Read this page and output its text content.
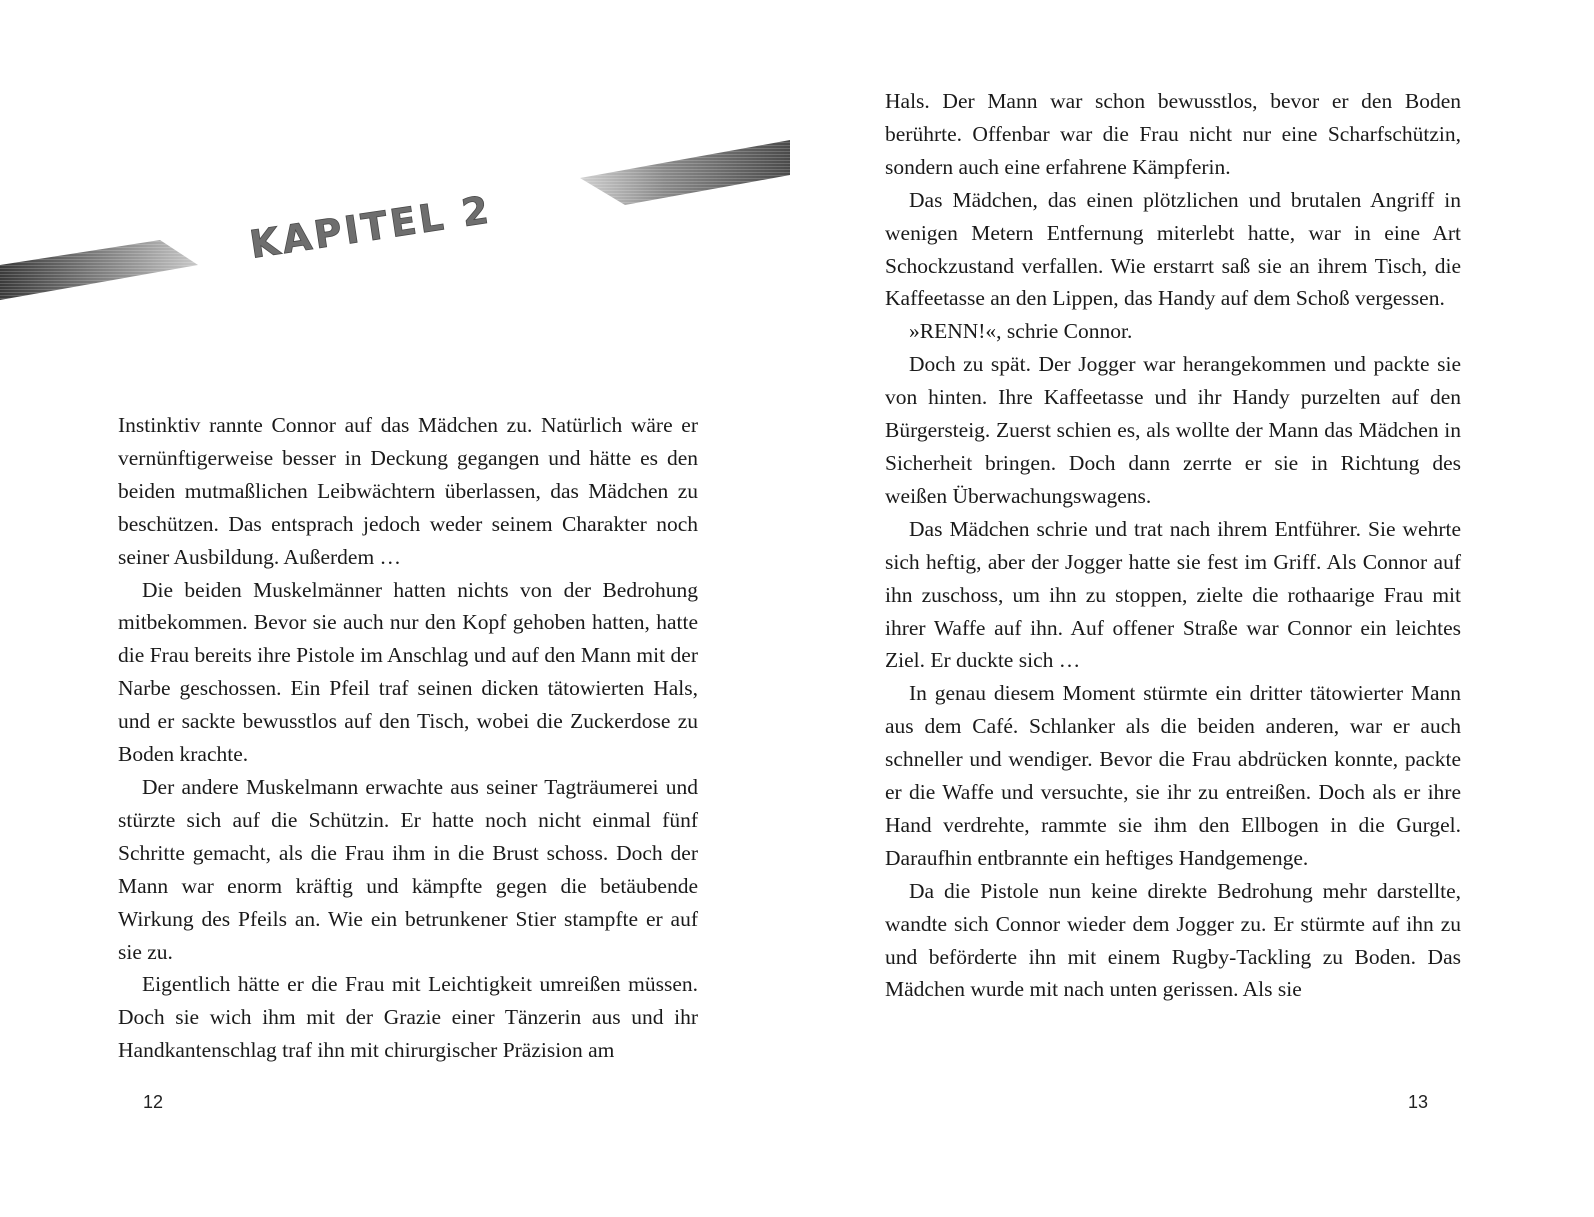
KAPITEL 2

Instinktiv rannte Connor auf das Mädchen zu. Natürlich wäre er vernünftigerweise besser in Deckung gegangen und hätte es den beiden mutmaßlichen Leibwächtern überlassen, das Mädchen zu beschützen. Das entsprach jedoch weder seinem Charakter noch seiner Ausbildung. Außerdem …

Die beiden Muskelmänner hatten nichts von der Bedrohung mitbekommen. Bevor sie auch nur den Kopf gehoben hatten, hatte die Frau bereits ihre Pistole im Anschlag und auf den Mann mit der Narbe geschossen. Ein Pfeil traf seinen dicken tätowierten Hals, und er sackte bewusstlos auf den Tisch, wobei die Zuckerdose zu Boden krachte.

Der andere Muskelmann erwachte aus seiner Tagträumerei und stürzte sich auf die Schützin. Er hatte noch nicht einmal fünf Schritte gemacht, als die Frau ihm in die Brust schoss. Doch der Mann war enorm kräftig und kämpfte gegen die betäubende Wirkung des Pfeils an. Wie ein betrunkener Stier stampfte er auf sie zu.

Eigentlich hätte er die Frau mit Leichtigkeit umreißen müssen. Doch sie wich ihm mit der Grazie einer Tänzerin aus und ihr Handkantenschlag traf ihn mit chirurgischer Präzision am

12

Hals. Der Mann war schon bewusstlos, bevor er den Boden berührte. Offenbar war die Frau nicht nur eine Scharfschützin, sondern auch eine erfahrene Kämpferin.

Das Mädchen, das einen plötzlichen und brutalen Angriff in wenigen Metern Entfernung miterlebt hatte, war in eine Art Schockzustand verfallen. Wie erstarrt saß sie an ihrem Tisch, die Kaffeetasse an den Lippen, das Handy auf dem Schoß vergessen.

»RENN!«, schrie Connor.

Doch zu spät. Der Jogger war herangekommen und packte sie von hinten. Ihre Kaffeetasse und ihr Handy purzelten auf den Bürgersteig. Zuerst schien es, als wollte der Mann das Mädchen in Sicherheit bringen. Doch dann zerrte er sie in Richtung des weißen Überwachungswagens.

Das Mädchen schrie und trat nach ihrem Entführer. Sie wehrte sich heftig, aber der Jogger hatte sie fest im Griff. Als Connor auf ihn zuschoss, um ihn zu stoppen, zielte die rothaarige Frau mit ihrer Waffe auf ihn. Auf offener Straße war Connor ein leichtes Ziel. Er duckte sich …

In genau diesem Moment stürmte ein dritter tätowierter Mann aus dem Café. Schlanker als die beiden anderen, war er auch schneller und wendiger. Bevor die Frau abdrücken konnte, packte er die Waffe und versuchte, sie ihr zu entreißen. Doch als er ihre Hand verdrehte, rammte sie ihm den Ellbogen in die Gurgel. Daraufhin entbrannte ein heftiges Handgemenge.

Da die Pistole nun keine direkte Bedrohung mehr darstellte, wandte sich Connor wieder dem Jogger zu. Er stürmte auf ihn zu und beförderte ihn mit einem Rugby-Tackling zu Boden. Das Mädchen wurde mit nach unten gerissen. Als sie

13
